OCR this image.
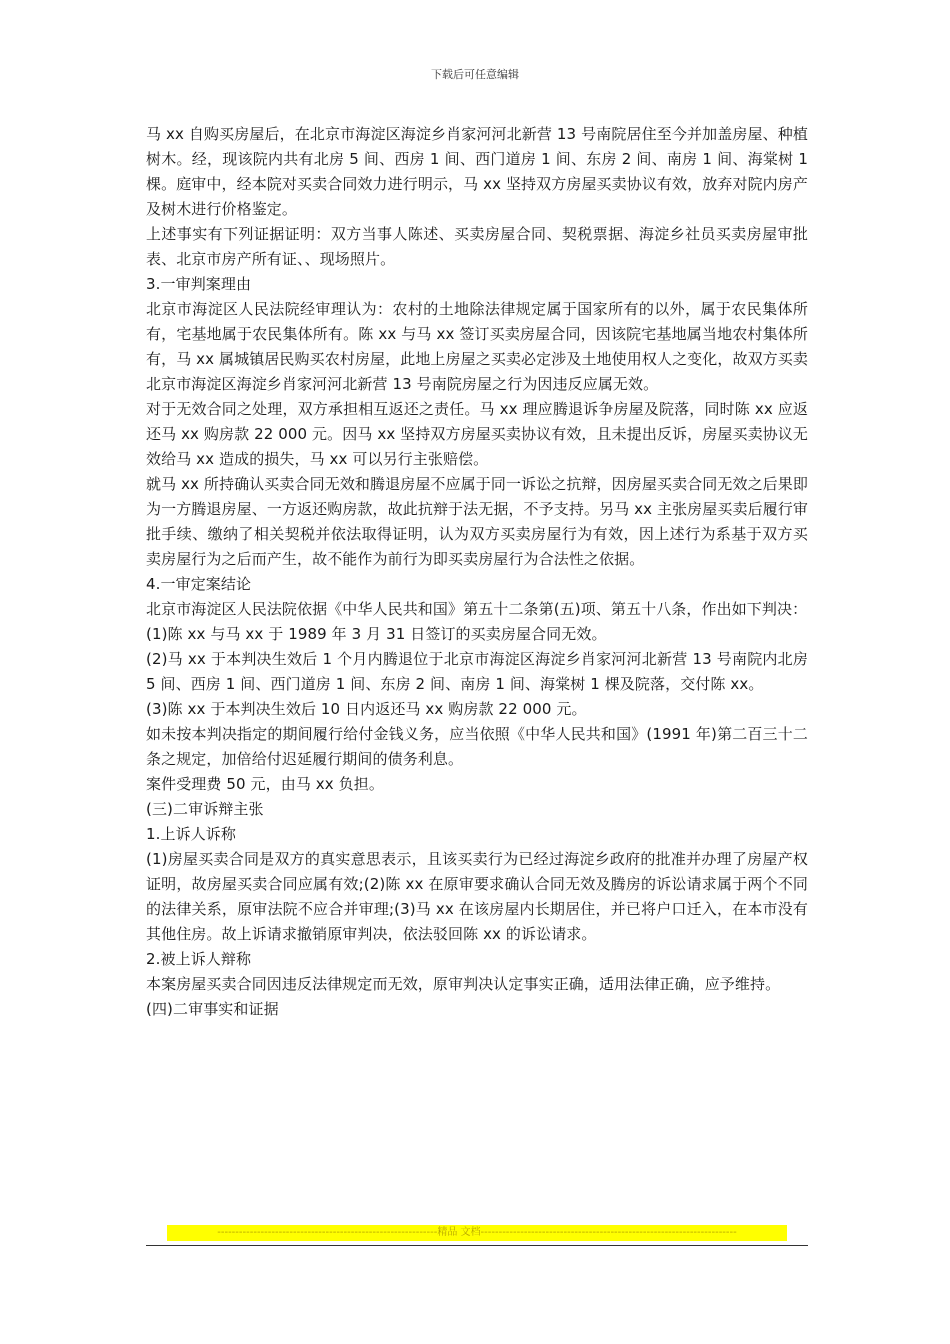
下载后可任意编辑

马 xx 自购买房屋后，在北京市海淀区海淀乡肖家河河北新营 13 号南院居住至今并加盖房屋、种植树木。经，现该院内共有北房 5 间、西房 1 间、西门道房 1 间、东房 2 间、南房 1 间、海棠树 1 棵。庭审中，经本院对买卖合同效力进行明示，马 xx 坚持双方房屋买卖协议有效，放弃对院内房产及树木进行价格鉴定。

上述事实有下列证据证明：双方当事人陈述、买卖房屋合同、契税票据、海淀乡社员买卖房屋审批表、北京市房产所有证、、现场照片。

3.一审判案理由

北京市海淀区人民法院经审理认为：农村的土地除法律规定属于国家所有的以外，属于农民集体所有，宅基地属于农民集体所有。陈 xx 与马 xx 签订买卖房屋合同，因该院宅基地属当地农村集体所有，马 xx 属城镇居民购买农村房屋，此地上房屋之买卖必定涉及土地使用权人之变化，故双方买卖北京市海淀区海淀乡肖家河河北新营 13 号南院房屋之行为因违反应属无效。

对于无效合同之处理，双方承担相互返还之责任。马 xx 理应腾退诉争房屋及院落，同时陈 xx 应返还马 xx 购房款 22 000 元。因马 xx 坚持双方房屋买卖协议有效，且未提出反诉，房屋买卖协议无效给马 xx 造成的损失，马 xx 可以另行主张赔偿。

就马 xx 所持确认买卖合同无效和腾退房屋不应属于同一诉讼之抗辩，因房屋买卖合同无效之后果即为一方腾退房屋、一方返还购房款，故此抗辩于法无据，不予支持。另马 xx 主张房屋买卖后履行审批手续、缴纳了相关契税并依法取得证明，认为双方买卖房屋行为有效，因上述行为系基于双方买卖房屋行为之后而产生，故不能作为前行为即买卖房屋行为合法性之依据。

4.一审定案结论

北京市海淀区人民法院依据《中华人民共和国》第五十二条第(五)项、第五十八条，作出如下判决：

(1)陈 xx 与马 xx 于 1989 年 3 月 31 日签订的买卖房屋合同无效。

(2)马 xx 于本判决生效后 1 个月内腾退位于北京市海淀区海淀乡肖家河河北新营 13 号南院内北房 5 间、西房 1 间、西门道房 1 间、东房 2 间、南房 1 间、海棠树 1 棵及院落，交付陈 xx。

(3)陈 xx 于本判决生效后 10 日内返还马 xx 购房款 22 000 元。

如未按本判决指定的期间履行给付金钱义务，应当依照《中华人民共和国》(1991 年)第二百三十二条之规定，加倍给付迟延履行期间的债务利息。

案件受理费 50 元，由马 xx 负担。

(三)二审诉辩主张

1.上诉人诉称

(1)房屋买卖合同是双方的真实意思表示，且该买卖行为已经过海淀乡政府的批准并办理了房屋产权证明，故房屋买卖合同应属有效;(2)陈 xx 在原审要求确认合同无效及腾房的诉讼请求属于两个不同的法律关系，原审法院不应合并审理;(3)马 xx 在该房屋内长期居住，并已将户口迁入，在本市没有其他住房。故上诉请求撤销原审判决，依法驳回陈 xx 的诉讼请求。

2.被上诉人辩称

本案房屋买卖合同因违反法律规定而无效，原审判决认定事实正确，适用法律正确，应予维持。

(四)二审事实和证据

-------------------------------------------------------------精品 文档-----------------------------------------------------------------------
